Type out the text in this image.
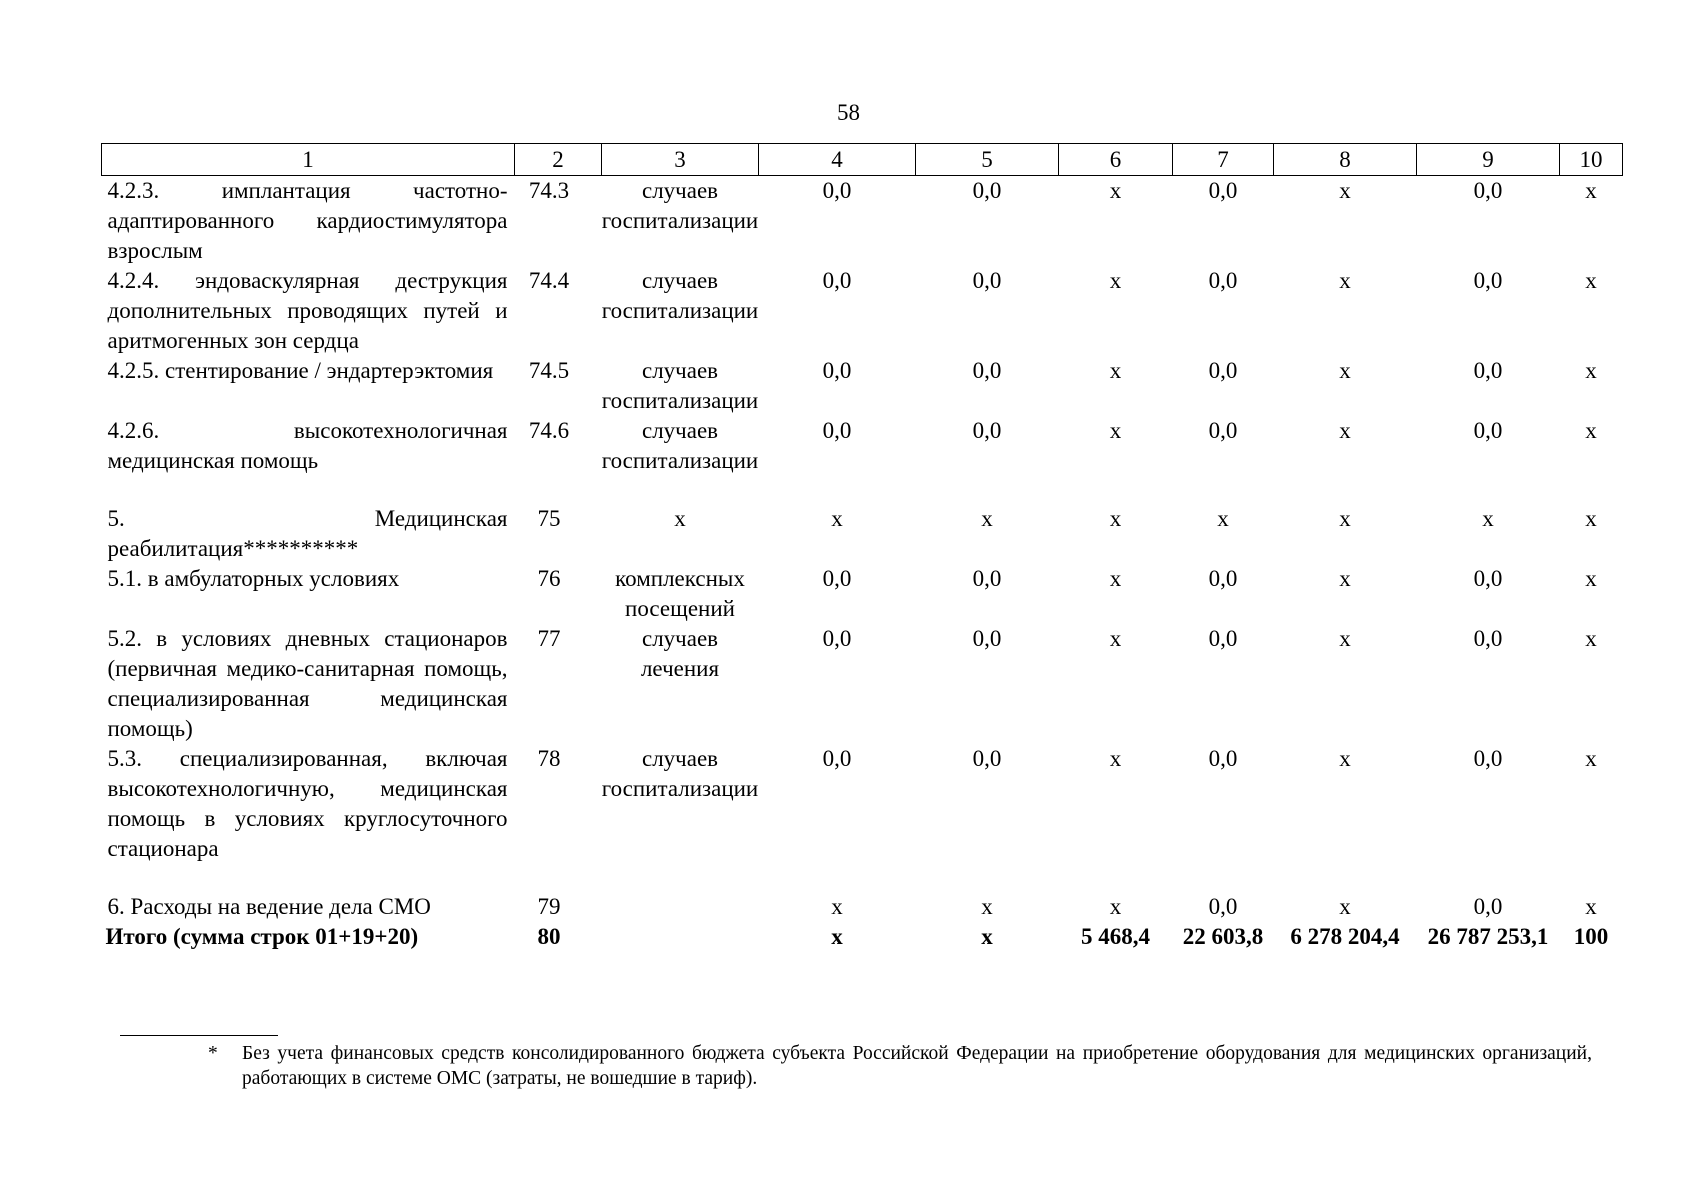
58
1	2	3	4	5	6	7	8	9	10
4.2.3. имплантация частотно-адаптированного кардиостимулятора взрослым	74.3	случаев госпитализации	0,0	0,0	х	0,0	х	0,0	х
4.2.4. эндоваскулярная деструкция дополнительных проводящих путей и аритмогенных зон сердца	74.4	случаев госпитализации	0,0	0,0	х	0,0	х	0,0	х
4.2.5. стентирование / эндартерэктомия	74.5	случаев госпитализации	0,0	0,0	х	0,0	х	0,0	х
4.2.6. высокотехнологичная медицинская помощь	74.6	случаев госпитализации	0,0	0,0	х	0,0	х	0,0	х
5. Медицинская реабилитация**********	75	х	х	х	х	х	х	х	х
5.1. в амбулаторных условиях	76	комплексных посещений	0,0	0,0	х	0,0	х	0,0	х
5.2. в условиях дневных стационаров (первичная медико-санитарная помощь, специализированная медицинская помощь)	77	случаев лечения	0,0	0,0	х	0,0	х	0,0	х
5.3. специализированная, включая высокотехнологичную, медицинская помощь в условиях круглосуточного стационара	78	случаев госпитализации	0,0	0,0	х	0,0	х	0,0	х
6. Расходы на ведение дела СМО	79		х	х	х	0,0	х	0,0	х
Итого (сумма строк 01+19+20)	80		х	х	5 468,4	22 603,8	6 278 204,4	26 787 253,1	100
*	Без учета финансовых средств консолидированного бюджета субъекта Российской Федерации на приобретение оборудования для медицинских организаций, работающих в системе ОМС (затраты, не вошедшие в тариф).
